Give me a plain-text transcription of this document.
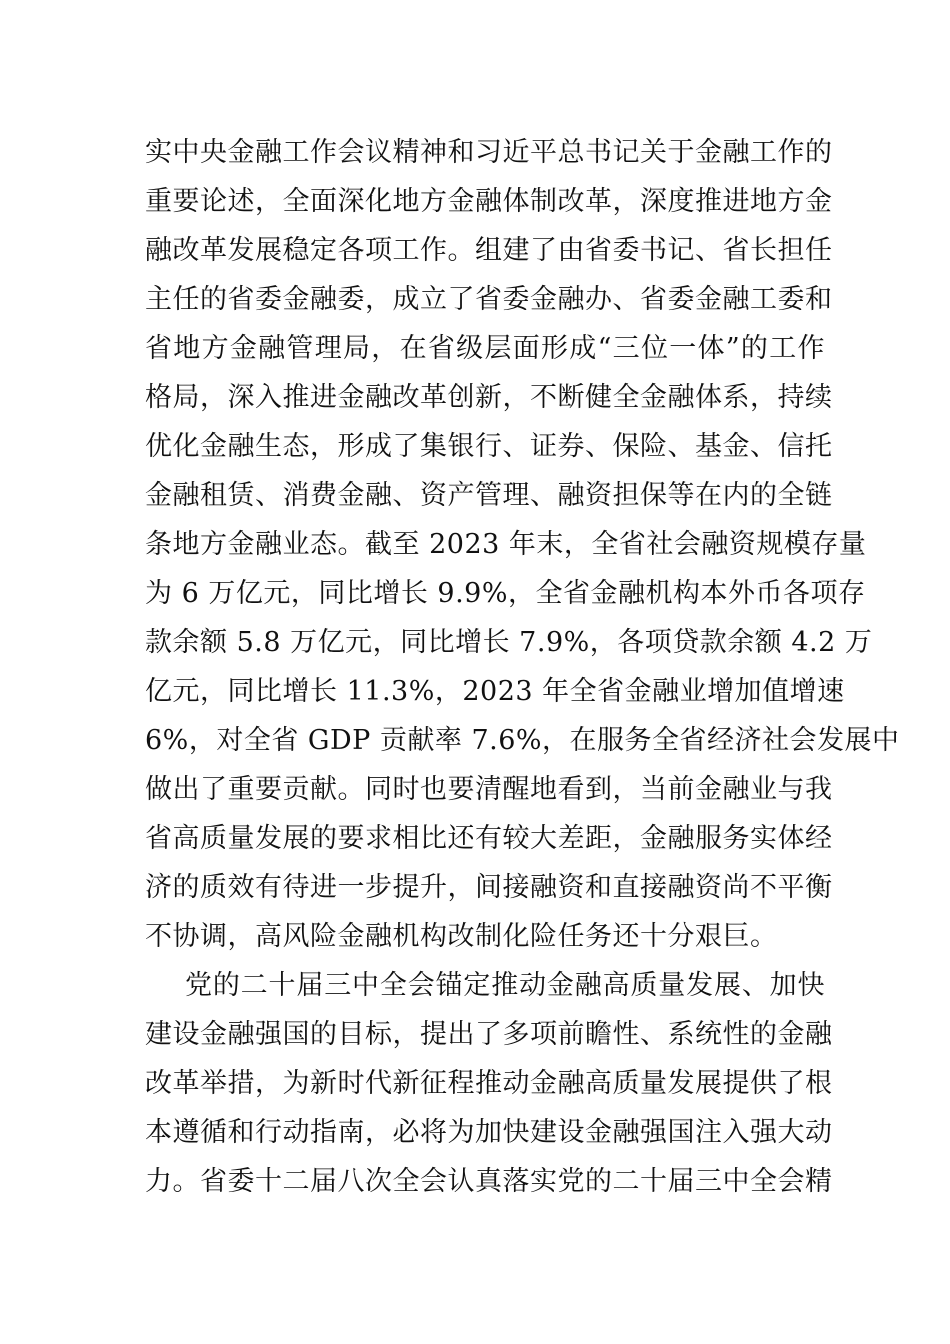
实中央金融工作会议精神和习近平总书记关于金融工作的
重要论述，全面深化地方金融体制改革，深度推进地方金
融改革发展稳定各项工作。组建了由省委书记、省长担任
主任的省委金融委，成立了省委金融办、省委金融工委和
省地方金融管理局，在省级层面形成“三位一体”的工作
格局，深入推进金融改革创新，不断健全金融体系，持续
优化金融生态，形成了集银行、证券、保险、基金、信托
金融租赁、消费金融、资产管理、融资担保等在内的全链
条地方金融业态。截至 2023 年末，全省社会融资规模存量
为 6 万亿元，同比增长 9.9%，全省金融机构本外币各项存
款余额 5.8 万亿元，同比增长 7.9%，各项贷款余额 4.2 万
亿元，同比增长 11.3%，2023 年全省金融业增加值增速
6%，对全省 GDP 贡献率 7.6%，在服务全省经济社会发展中
做出了重要贡献。同时也要清醒地看到，当前金融业与我
省高质量发展的要求相比还有较大差距，金融服务实体经
济的质效有待进一步提升，间接融资和直接融资尚不平衡
不协调，高风险金融机构改制化险任务还十分艰巨。
党的二十届三中全会锚定推动金融高质量发展、加快
建设金融强国的目标，提出了多项前瞻性、系统性的金融
改革举措，为新时代新征程推动金融高质量发展提供了根
本遵循和行动指南，必将为加快建设金融强国注入强大动
力。省委十二届八次全会认真落实党的二十届三中全会精
